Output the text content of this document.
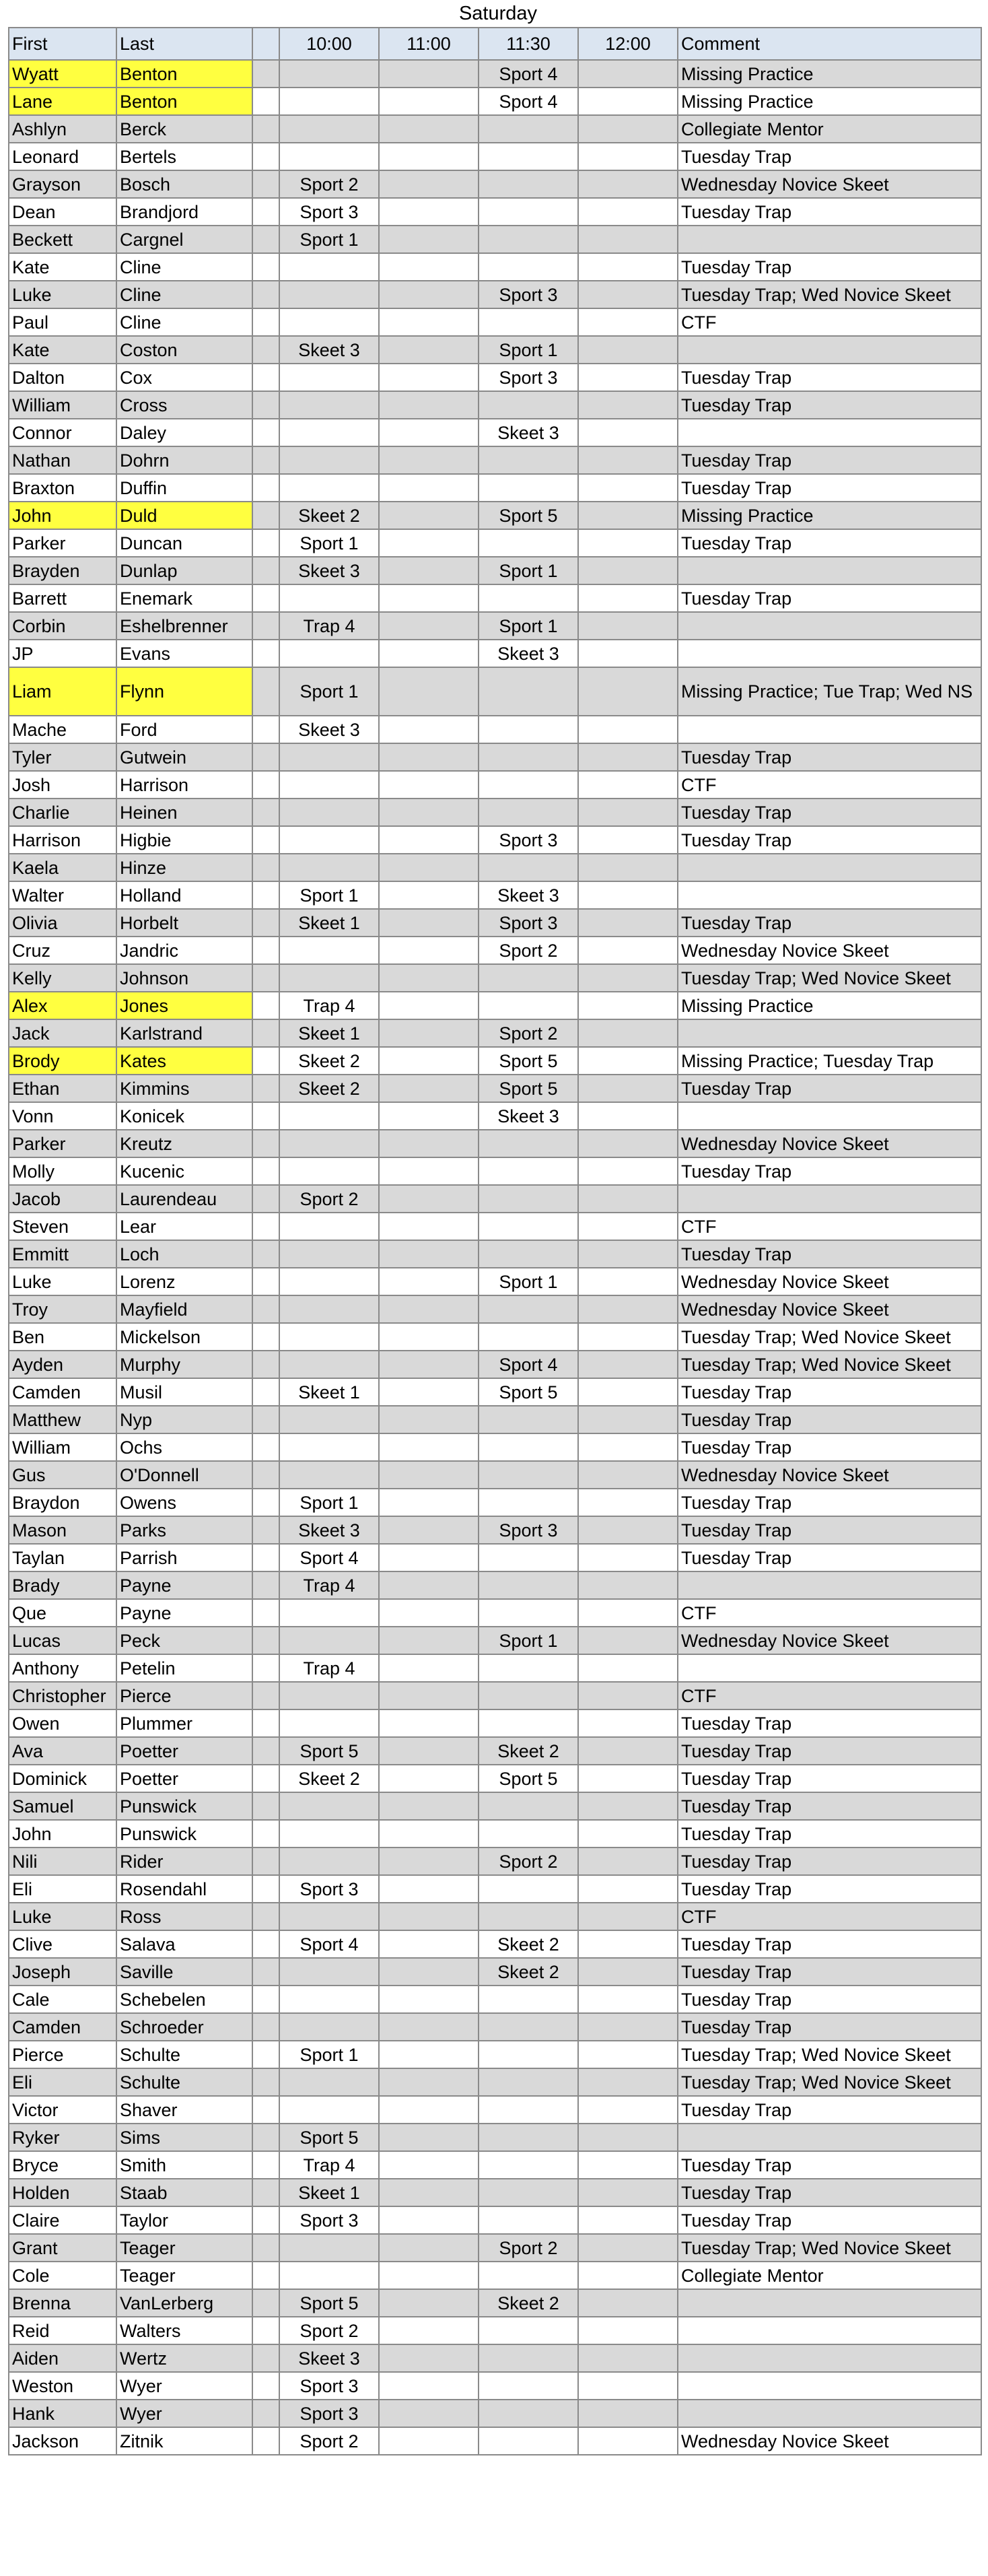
Saturday
First	Last		10:00	11:00	11:30	12:00	Comment
Wyatt	Benton				Sport 4		Missing Practice
Lane	Benton				Sport 4		Missing Practice
Ashlyn	Berck						Collegiate Mentor
Leonard	Bertels						Tuesday Trap
Grayson	Bosch		Sport 2				Wednesday Novice Skeet
Dean	Brandjord		Sport 3				Tuesday Trap
Beckett	Cargnel		Sport 1				
Kate	Cline						Tuesday Trap
Luke	Cline				Sport 3		Tuesday Trap; Wed Novice Skeet
Paul	Cline						CTF
Kate	Coston		Skeet 3		Sport 1		
Dalton	Cox				Sport 3		Tuesday Trap
William	Cross						Tuesday Trap
Connor	Daley				Skeet 3		
Nathan	Dohrn						Tuesday Trap
Braxton	Duffin						Tuesday Trap
John	Duld		Skeet 2		Sport 5		Missing Practice
Parker	Duncan		Sport 1				Tuesday Trap
Brayden	Dunlap		Skeet 3		Sport 1		
Barrett	Enemark						Tuesday Trap
Corbin	Eshelbrenner		Trap 4		Sport 1		
JP	Evans				Skeet 3		
Liam	Flynn		Sport 1				Missing Practice; Tue Trap; Wed NS
Mache	Ford		Skeet 3				
Tyler	Gutwein						Tuesday Trap
Josh	Harrison						CTF
Charlie	Heinen						Tuesday Trap
Harrison	Higbie				Sport 3		Tuesday Trap
Kaela	Hinze						
Walter	Holland		Sport 1		Skeet 3		
Olivia	Horbelt		Skeet 1		Sport 3		Tuesday Trap
Cruz	Jandric				Sport 2		Wednesday Novice Skeet
Kelly	Johnson						Tuesday Trap; Wed Novice Skeet
Alex	Jones		Trap 4				Missing Practice
Jack	Karlstrand		Skeet 1		Sport 2		
Brody	Kates		Skeet 2		Sport 5		Missing Practice; Tuesday Trap
Ethan	Kimmins		Skeet 2		Sport 5		Tuesday Trap
Vonn	Konicek				Skeet 3		
Parker	Kreutz						Wednesday Novice Skeet
Molly	Kucenic						Tuesday Trap
Jacob	Laurendeau		Sport 2				
Steven	Lear						CTF
Emmitt	Loch						Tuesday Trap
Luke	Lorenz				Sport 1		Wednesday Novice Skeet
Troy	Mayfield						Wednesday Novice Skeet
Ben	Mickelson						Tuesday Trap; Wed Novice Skeet
Ayden	Murphy				Sport 4		Tuesday Trap; Wed Novice Skeet
Camden	Musil		Skeet 1		Sport 5		Tuesday Trap
Matthew	Nyp						Tuesday Trap
William	Ochs						Tuesday Trap
Gus	O'Donnell						Wednesday Novice Skeet
Braydon	Owens		Sport 1				Tuesday Trap
Mason	Parks		Skeet 3		Sport 3		Tuesday Trap
Taylan	Parrish		Sport 4				Tuesday Trap
Brady	Payne		Trap 4				
Que	Payne						CTF
Lucas	Peck				Sport 1		Wednesday Novice Skeet
Anthony	Petelin		Trap 4				
Christopher	Pierce						CTF
Owen	Plummer						Tuesday Trap
Ava	Poetter		Sport 5		Skeet 2		Tuesday Trap
Dominick	Poetter		Skeet 2		Sport 5		Tuesday Trap
Samuel	Punswick						Tuesday Trap
John	Punswick						Tuesday Trap
Nili	Rider				Sport 2		Tuesday Trap
Eli	Rosendahl		Sport 3				Tuesday Trap
Luke	Ross						CTF
Clive	Salava		Sport 4		Skeet 2		Tuesday Trap
Joseph	Saville				Skeet 2		Tuesday Trap
Cale	Schebelen						Tuesday Trap
Camden	Schroeder						Tuesday Trap
Pierce	Schulte		Sport 1				Tuesday Trap; Wed Novice Skeet
Eli	Schulte						Tuesday Trap; Wed Novice Skeet
Victor	Shaver						Tuesday Trap
Ryker	Sims		Sport 5				
Bryce	Smith		Trap 4				Tuesday Trap
Holden	Staab		Skeet 1				Tuesday Trap
Claire	Taylor		Sport 3				Tuesday Trap
Grant	Teager				Sport 2		Tuesday Trap; Wed Novice Skeet
Cole	Teager						Collegiate Mentor
Brenna	VanLerberg		Sport 5		Skeet 2		
Reid	Walters		Sport 2				
Aiden	Wertz		Skeet 3				
Weston	Wyer		Sport 3				
Hank	Wyer		Sport 3				
Jackson	Zitnik		Sport 2				Wednesday Novice Skeet
